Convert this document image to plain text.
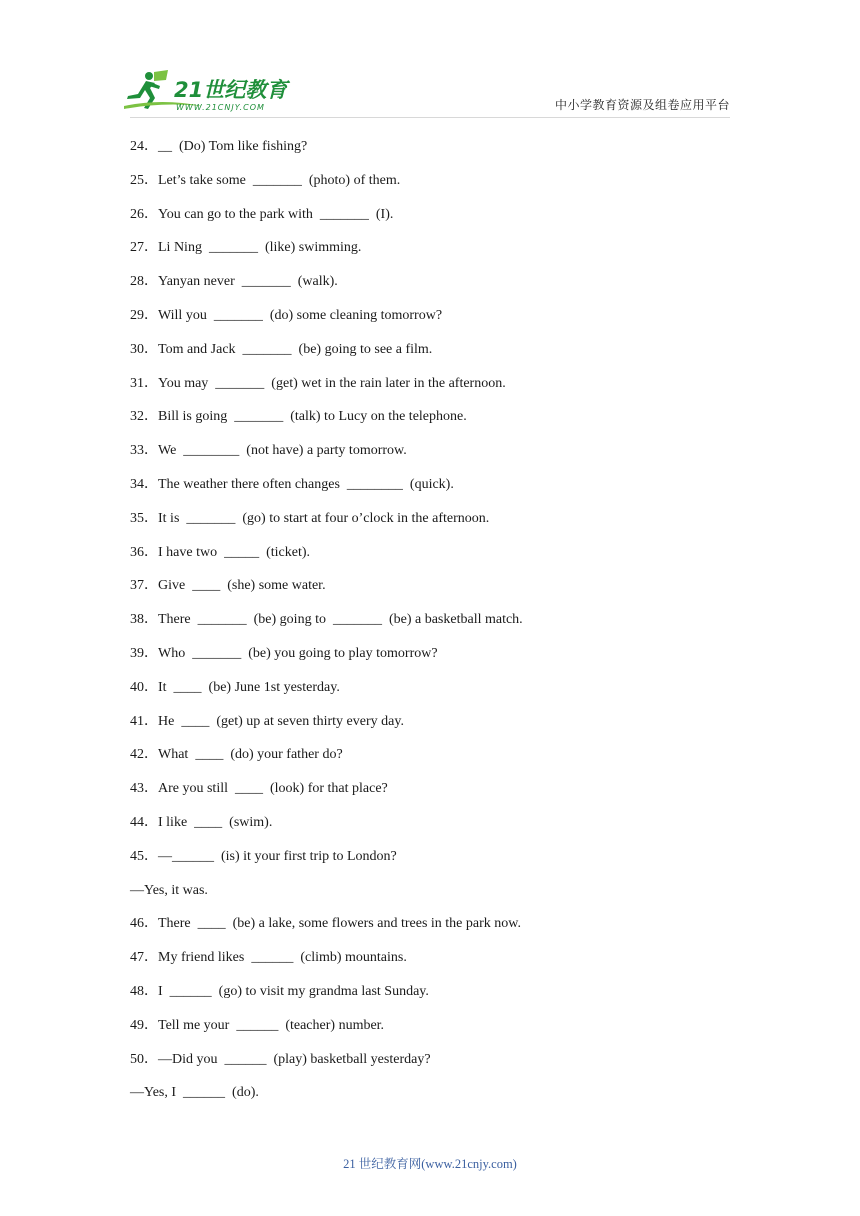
21世纪教育
WWW.21CNJY.COM	中小学教育资源及组卷应用平台
24．__  (Do) Tom like fishing?
25．Let’s take some  _______  (photo) of them.
26．You can go to the park with  _______  (I).
27．Li Ning  _______  (like) swimming.
28．Yanyan never  _______  (walk).
29．Will you  _______  (do) some cleaning tomorrow?
30．Tom and Jack  _______  (be) going to see a film.
31．You may  _______  (get) wet in the rain later in the afternoon.
32．Bill is going  _______  (talk) to Lucy on the telephone.
33．We  ________  (not have) a party tomorrow.
34．The weather there often changes  ________  (quick).
35．It is  _______  (go) to start at four o’clock in the afternoon.
36．I have two  _____  (ticket).
37．Give  ____  (she) some water.
38．There  _______  (be) going to  _______  (be) a basketball match.
39．Who  _______  (be) you going to play tomorrow?
40．It  ____  (be) June 1st yesterday.
41．He  ____  (get) up at seven thirty every day.
42．What  ____  (do) your father do?
43．Are you still  ____  (look) for that place?
44．I like  ____  (swim).
45．—______  (is) it your first trip to London?
—Yes, it was.
46．There  ____  (be) a lake, some flowers and trees in the park now.
47．My friend likes  ______  (climb) mountains.
48．I  ______  (go) to visit my grandma last Sunday.
49．Tell me your  ______  (teacher) number.
50．—Did you  ______  (play) basketball yesterday?
—Yes, I  ______  (do).
21 世纪教育网(www.21cnjy.com)
